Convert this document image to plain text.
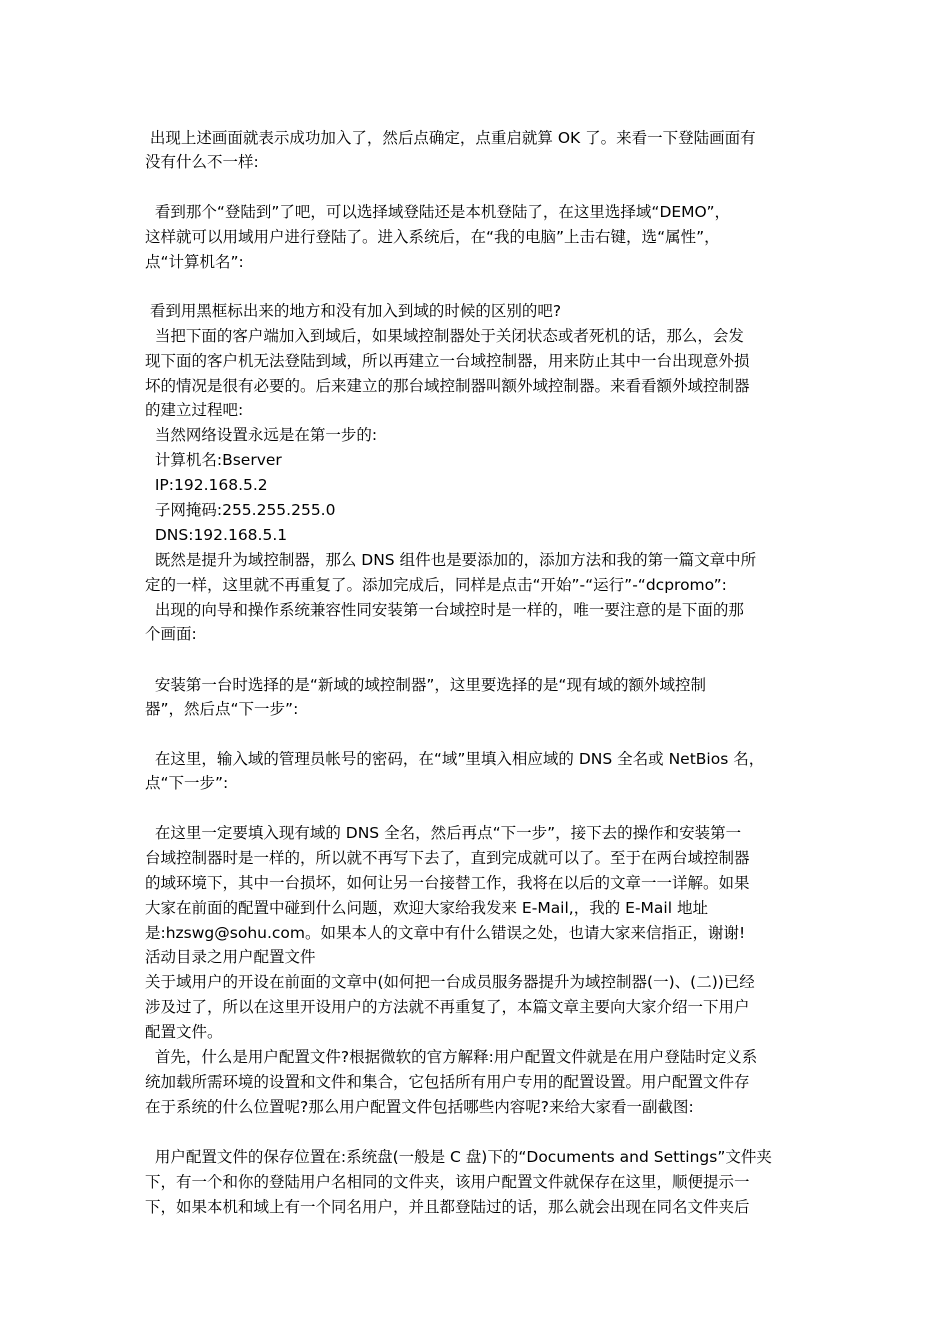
出现上述画面就表示成功加入了，然后点确定，点重启就算 OK 了。来看一下登陆画面有
没有什么不一样:
看到那个“登陆到”了吧，可以选择域登陆还是本机登陆了，在这里选择域“DEMO”，
这样就可以用域用户进行登陆了。进入系统后，在“我的电脑”上击右键，选“属性”，
点“计算机名”:
看到用黑框标出来的地方和没有加入到域的时候的区别的吧?
当把下面的客户端加入到域后，如果域控制器处于关闭状态或者死机的话，那么，会发
现下面的客户机无法登陆到域，所以再建立一台域控制器，用来防止其中一台出现意外损
坏的情况是很有必要的。后来建立的那台域控制器叫额外域控制器。来看看额外域控制器
的建立过程吧:
当然网络设置永远是在第一步的:
计算机名:Bserver
IP:192.168.5.2
子网掩码:255.255.255.0
DNS:192.168.5.1
既然是提升为域控制器，那么 DNS 组件也是要添加的，添加方法和我的第一篇文章中所
定的一样，这里就不再重复了。添加完成后，同样是点击“开始”-“运行”-“dcpromo”:
出现的向导和操作系统兼容性同安装第一台域控时是一样的，唯一要注意的是下面的那
个画面:
安装第一台时选择的是“新域的域控制器”，这里要选择的是“现有域的额外域控制
器”，然后点“下一步”:
在这里，输入域的管理员帐号的密码，在“域”里填入相应域的 DNS 全名或 NetBios 名，
点“下一步”:
在这里一定要填入现有域的 DNS 全名，然后再点“下一步”，接下去的操作和安装第一
台域控制器时是一样的，所以就不再写下去了，直到完成就可以了。至于在两台域控制器
的域环境下，其中一台损坏，如何让另一台接替工作，我将在以后的文章一一详解。如果
大家在前面的配置中碰到什么问题，欢迎大家给我发来 E-Mail,，我的 E-Mail 地址
是:hzswg@sohu.com。如果本人的文章中有什么错误之处，也请大家来信指正，谢谢!
活动目录之用户配置文件
关于域用户的开设在前面的文章中(如何把一台成员服务器提升为域控制器(一)、(二))已经
涉及过了，所以在这里开设用户的方法就不再重复了，本篇文章主要向大家介绍一下用户
配置文件。
首先，什么是用户配置文件?根据微软的官方解释:用户配置文件就是在用户登陆时定义系
统加载所需环境的设置和文件和集合，它包括所有用户专用的配置设置。用户配置文件存
在于系统的什么位置呢?那么用户配置文件包括哪些内容呢?来给大家看一副截图:
用户配置文件的保存位置在:系统盘(一般是 C 盘)下的“Documents and Settings”文件夹
下，有一个和你的登陆用户名相同的文件夹，该用户配置文件就保存在这里，顺便提示一
下，如果本机和域上有一个同名用户，并且都登陆过的话，那么就会出现在同名文件夹后
